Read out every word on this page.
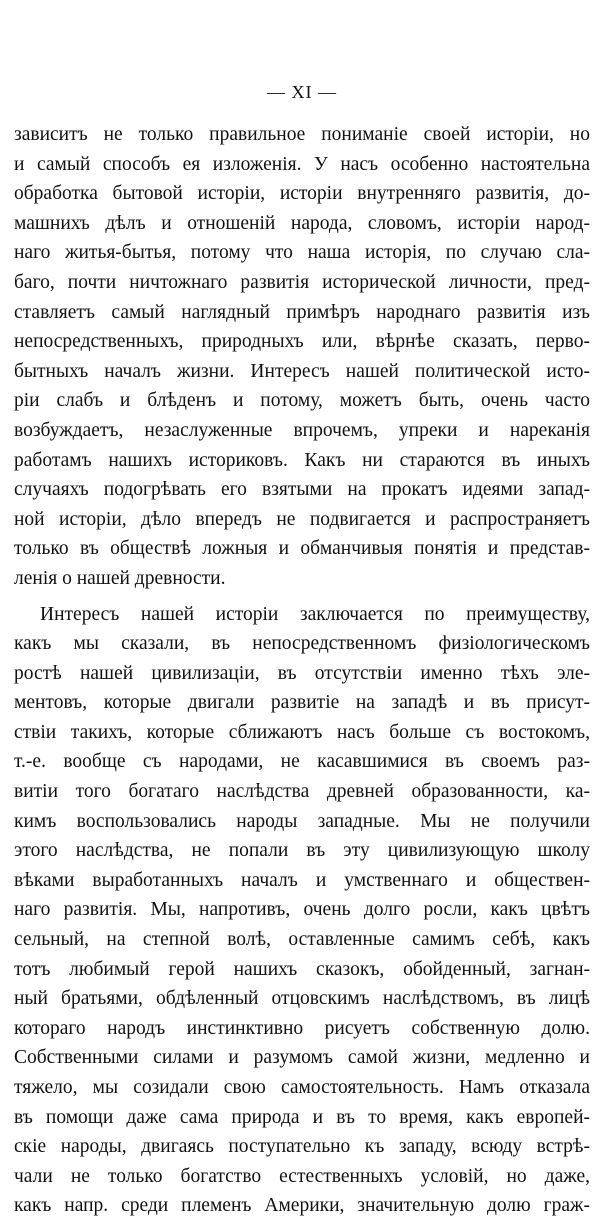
— XI —
зависитъ не только правильное пониманіе своей исторіи, но
и самый способъ ея изложенія. У насъ особенно настоятельна
обработка бытовой исторіи, исторіи внутренняго развитія, до-
машнихъ дѣлъ и отношеній народа, словомъ, исторіи народ-
наго житья-бытья, потому что наша исторія, по случаю сла-
баго, почти ничтожнаго развитія исторической личности, пред-
ставляетъ самый наглядный примѣръ народнаго развитія изъ
непосредственныхъ, природныхъ или, вѣрнѣе сказать, перво-
бытныхъ началъ жизни. Интересъ нашей политической исто-
ріи слабъ и блѣденъ и потому, можетъ быть, очень часто
возбуждаетъ, незаслуженные впрочемъ, упреки и нареканія
работамъ нашихъ историковъ. Какъ ни стараются въ иныхъ
случаяхъ подогрѣвать его взятыми на прокатъ идеями запад-
ной исторіи, дѣло впередъ не подвигается и распространяетъ
только въ обществѣ ложныя и обманчивыя понятія и представ-
ленія о нашей древности.
Интересъ нашей исторіи заключается по преимуществу,
какъ мы сказали, въ непосредственномъ физіологическомъ
ростѣ нашей цивилизаціи, въ отсутствіи именно тѣхъ эле-
ментовъ, которые двигали развитіе на западѣ и въ присут-
ствіи такихъ, которые сближаютъ насъ больше съ востокомъ,
т.-е. вообще съ народами, не касавшимися въ своемъ раз-
витіи того богатаго наслѣдства древней образованности, ка-
кимъ воспользовались народы западные. Мы не получили
этого наслѣдства, не попали въ эту цивилизующую школу
вѣками выработанныхъ началъ и умственнаго и обществен-
наго развитія. Мы, напротивъ, очень долго росли, какъ цвѣтъ
сельный, на степной волѣ, оставленные самимъ себѣ, какъ
тотъ любимый герой нашихъ сказокъ, обойденный, загнан-
ный братьями, обдѣленный отцовскимъ наслѣдствомъ, въ лицѣ
котораго народъ инстинктивно рисуетъ собственную долю.
Собственными силами и разумомъ самой жизни, медленно и
тяжело, мы созидали свою самостоятельность. Намъ отказала
въ помощи даже сама природа и въ то время, какъ европей-
скіе народы, двигаясь поступательно къ западу, всюду встрѣ-
чали не только богатство естественныхъ условій, но даже,
какъ напр. среди племенъ Америки, значительную долю граж-
